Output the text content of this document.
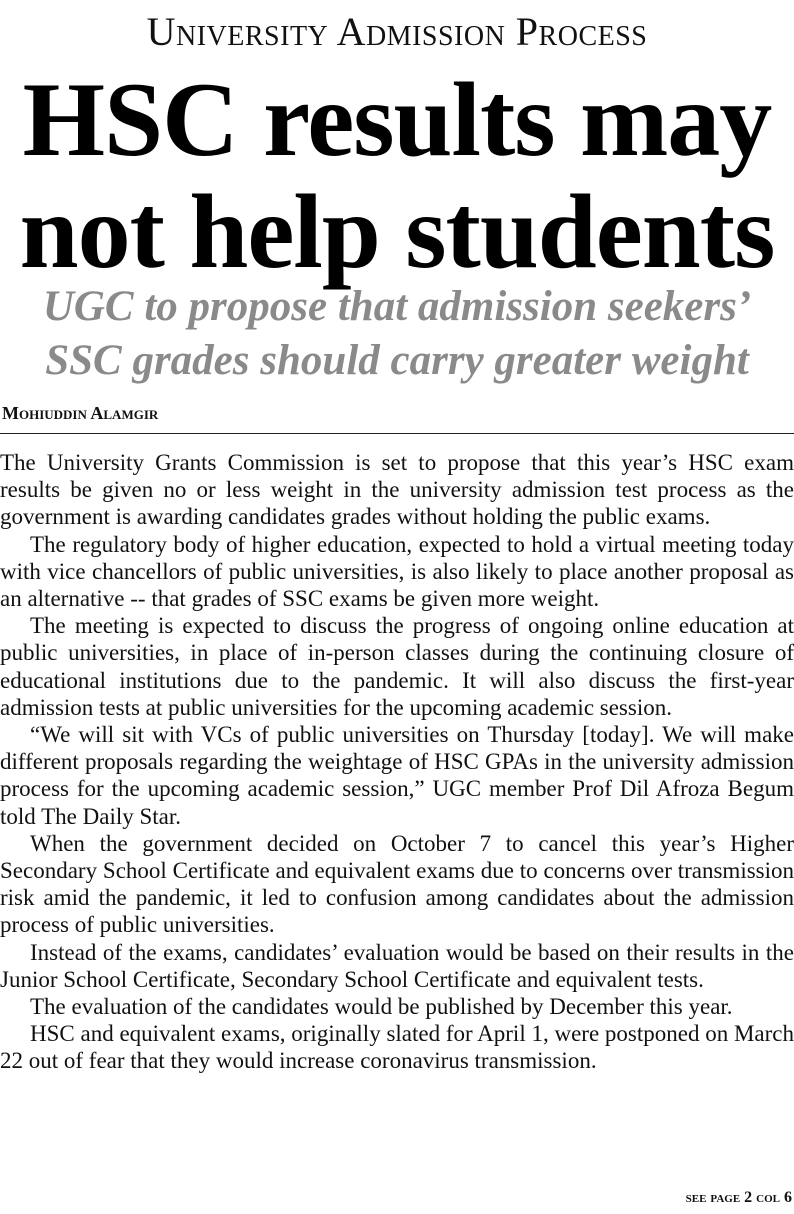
University Admission Process
HSC results may
not help students
UGC to propose that admission seekers’
SSC grades should carry greater weight
Mohiuddin Alamgir

The University Grants Commission is set to propose that this year’s HSC exam results be given no or less weight in the university admission test process as the government is awarding candidates grades without holding the public exams.

The regulatory body of higher education, expected to hold a virtual meeting today with vice chancellors of public universities, is also likely to place another proposal as an alternative -- that grades of SSC exams be given more weight.

The meeting is expected to discuss the progress of ongoing online education at public universities, in place of in-person classes during the continuing closure of educational institutions due to the pandemic. It will also discuss the first-year admission tests at public universities for the upcoming academic session.

“We will sit with VCs of public universities on Thursday [today]. We will make different proposals regarding the weightage of HSC GPAs in the university admission process for the upcoming academic session,” UGC member Prof Dil Afroza Begum told The Daily Star.

When the government decided on October 7 to cancel this year’s Higher Secondary School Certificate and equivalent exams due to concerns over transmission risk amid the pandemic, it led to confusion among candidates about the admission process of public universities.

Instead of the exams, candidates’ evaluation would be based on their results in the Junior School Certificate, Secondary School Certificate and equivalent tests.

The evaluation of the candidates would be published by December this year.

HSC and equivalent exams, originally slated for April 1, were postponed on March 22 out of fear that they would increase coronavirus transmission.

see page 2 col 6
